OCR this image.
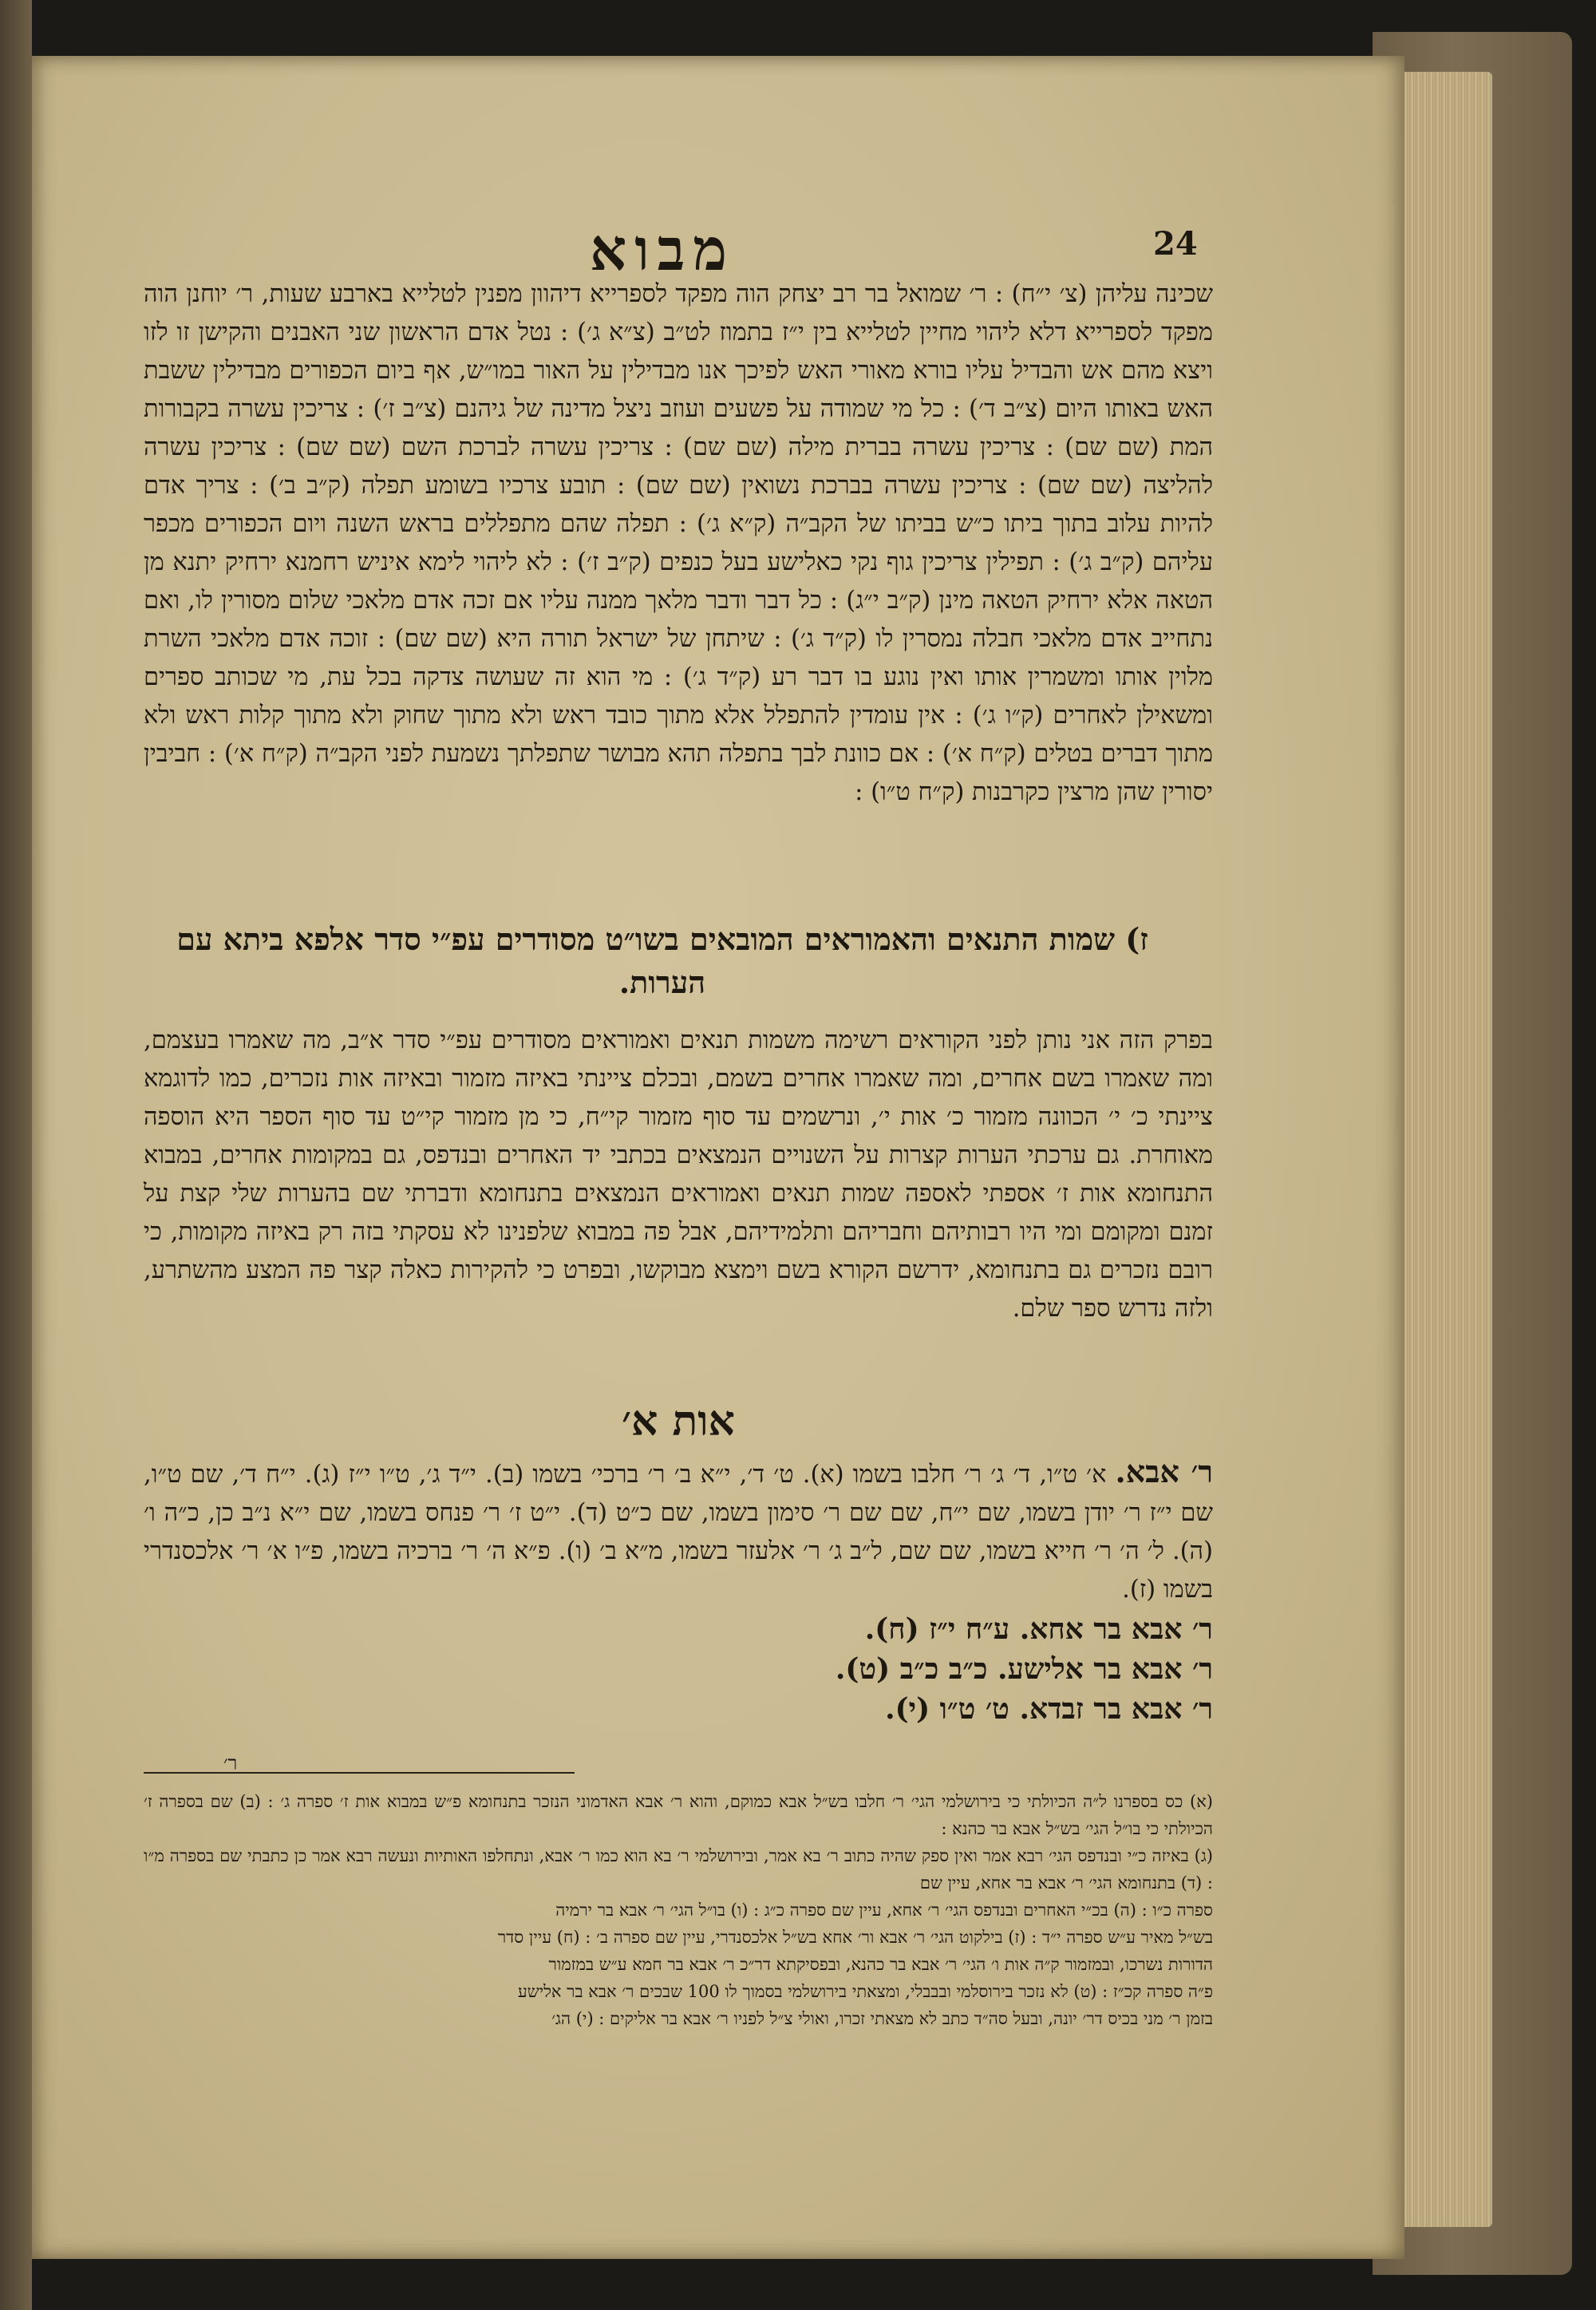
מבוא	24

שכינה עליהן (צ׳ י״ח) : ר׳ שמואל בר רב יצחק הוה מפקד לספרייא דיהוון מפנין לטלייא בארבע שעות, ר׳ יוחנן הוה מפקד לספרייא דלא ליהוי מחיין לטלייא בין י״ז בתמוז לט״ב (צ״א ג׳) : נטל אדם הראשון שני האבנים והקישן זו לזו ויצא מהם אש והבדיל עליו בורא מאורי האש לפיכך אנו מבדילין על האור במו״ש, אף ביום הכפורים מבדילין ששבת האש באותו היום (צ״ב ד׳) : כל מי שמודה על פשעים ועוזב ניצל מדינה של גיהנם (צ״ב ז׳) : צריכין עשרה בקבורות המת (שם שם) : צריכין עשרה בברית מילה (שם שם) : צריכין עשרה לברכת השם (שם שם) : צריכין עשרה להליצה (שם שם) : צריכין עשרה בברכת נשואין (שם שם) : תובע צרכיו בשומע תפלה (ק״ב ב׳) : צריך אדם להיות עלוב בתוך ביתו כ״ש בביתו של הקב״ה (ק״א ג׳) : תפלה שהם מתפללים בראש השנה ויום הכפורים מכפר עליהם (ק״ב ג׳) : תפילין צריכין גוף נקי כאלישע בעל כנפים (ק״ב ז׳) : לא ליהוי לימא איניש רחמנא ירחיק יתנא מן הטאה אלא ירחיק הטאה מינן (ק״ב י״ג) : כל דבר ודבר מלאך ממנה עליו אם זכה אדם מלאכי שלום מסורין לו, ואם נתחייב אדם מלאכי חבלה נמסרין לו (ק״ד ג׳) : שיתחן של ישראל תורה היא (שם שם) : זוכה אדם מלאכי השרת מלוין אותו ומשמרין אותו ואין נוגע בו דבר רע (ק״ד ג׳) : מי הוא זה שעושה צדקה בכל עת, מי שכותב ספרים ומשאילן לאחרים (ק״ו ג׳) : אין עומדין להתפלל אלא מתוך כובד ראש ולא מתוך שחוק ולא מתוך קלות ראש ולא מתוך דברים בטלים (ק״ח א׳) : אם כוונת לבך בתפלה תהא מבושר שתפלתך נשמעת לפני הקב״ה (ק״ח א׳) : חביבין יסורין שהן מרצין כקרבנות (ק״ח ט״ו) :

ז) שמות התנאים והאמוראים המובאים בשו״ט מסודרים עפ״י סדר אלפא ביתא עם הערות.

בפרק הזה אני נותן לפני הקוראים רשימה משמות תנאים ואמוראים מסודרים עפ״י סדר א״ב, מה שאמרו בעצמם, ומה שאמרו בשם אחרים, ומה שאמרו אחרים בשמם, ובכלם ציינתי באיזה מזמור ובאיזה אות נזכרים, כמו לדוגמא ציינתי כ׳ י׳ הכוונה מזמור כ׳ אות י׳, ונרשמים עד סוף מזמור קי״ח, כי מן מזמור קי״ט עד סוף הספר היא הוספה מאוחרת. גם ערכתי הערות קצרות על השנויים הנמצאים בכתבי יד האחרים ובנדפס, גם במקומות אחרים, במבוא התנחומא אות ז׳ אספתי לאספה שמות תנאים ואמוראים הנמצאים בתנחומא ודברתי שם בהערות שלי קצת על זמנם ומקומם ומי היו רבותיהם וחבריהם ותלמידיהם, אבל פה במבוא שלפנינו לא עסקתי בזה רק באיזה מקומות, כי רובם נזכרים גם בתנחומא, ידרשם הקורא בשם וימצא מבוקשו, ובפרט כי להקירות כאלה קצר פה המצע מהשתרע, ולזה נדרש ספר שלם.

אות א׳

ר׳ אבא. א׳ ט״ו, ד׳ ג׳ ר׳ חלבו בשמו (א). ט׳ ד׳, י״א ב׳ ר׳ ברכי׳ בשמו (ב). י״ד ג׳, ט״ו י״ז (ג). י״ח ד׳, שם ט״ו, שם י״ז ר׳ יודן בשמו, שם י״ח, שם שם ר׳ סימון בשמו, שם כ״ט (ד). י״ט ז׳ ר׳ פנחס בשמו, שם י״א נ״ב כן, כ״ה ו׳ (ה). ל׳ ה׳ ר׳ חייא בשמו, שם שם, ל״ב ג׳ ר׳ אלעזר בשמו, מ״א ב׳ (ו). פ״א ה׳ ר׳ ברכיה בשמו, פ״ו א׳ ר׳ אלכסנדרי בשמו (ז).

ר׳ אבא בר אחא. ע״ח י״ז (ח).

ר׳ אבא בר אלישע. כ״ב כ״ב (ט).

ר׳ אבא בר זבדא. ט׳ ט״ו (י).

ר׳

(א) כס בספרנו ל״ה הכיולתי כי בירושלמי הגי׳ ר׳ חלבו בש״ל אבא כמוקם, והוא ר׳ אבא האדמוני הנזכר בתנחומא פ״ש במבוא אות ז׳ ספרה ג׳ : (ב) שם בספרה ז׳ הכיולתי כי בו״ל הגי׳ בש״ל אבא בר כהנא :

(ג) באיזה כ״י ובנדפס הגי׳ רבא אמר ואין ספק שהיה כתוב ר׳ בא אמר, ובירושלמי ר׳ בא הוא כמו ר׳ אבא, ונתחלפו האותיות ונעשה רבא אמר כן כתבתי שם בספרה מ״ו : (ד) בתנחומא הגי׳ ר׳ אבא בר אחא, עיין שם

ספרה כ״ו : (ה) בכ״י האחרים ובנדפס הגי׳ ר׳ אחא, עיין שם ספרה כ״ג : (ו) בו״ל הגי׳ ר׳ אבא בר ירמיה

בש״ל מאיר ע״ש ספרה י״ד : (ז) בילקוט הגי׳ ר׳ אבא ור׳ אחא בש״ל אלכסנדרי, עיין שם ספרה ב׳ : (ח) עיין סדר

הדורות נשרכו, ובמזמור ק״ה אות ו׳ הגי׳ ר׳ אבא בר כהנא, ובפסיקתא דר״כ ר׳ אבא בר חמא ע״ש במזמור

פ״ה ספרה קכ״ז : (ט) לא נזכר בירוסלמי ובבבלי, ומצאתי בירושלמי בסמוך לו 100 שבכים ר׳ אבא בר אלישע

בזמן ר׳ מני בכיס דר׳ יונה, ובעל סה״ד כתב לא מצאתי זכרו, ואולי צ״ל לפניו ר׳ אבא בר אליקים : (י) הג׳
